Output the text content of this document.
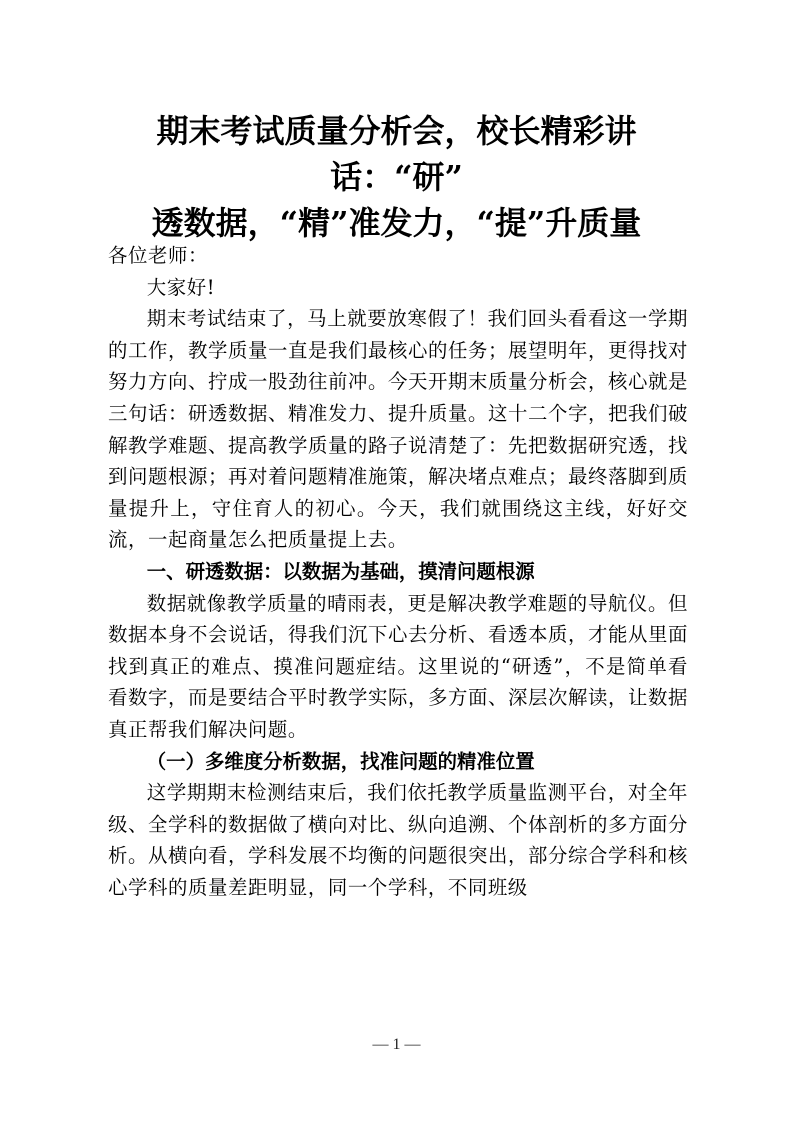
期末考试质量分析会，校长精彩讲话：“研”
透数据，“精”准发力，“提”升质量

各位老师：

大家好!

期末考试结束了，马上就要放寒假了！我们回头看看这一学期的工作，教学质量一直是我们最核心的任务；展望明年，更得找对努力方向、拧成一股劲往前冲。今天开期末质量分析会，核心就是三句话：研透数据、精准发力、提升质量。这十二个字，把我们破解教学难题、提高教学质量的路子说清楚了：先把数据研究透，找到问题根源；再对着问题精准施策，解决堵点难点；最终落脚到质量提升上，守住育人的初心。今天，我们就围绕这主线，好好交流，一起商量怎么把质量提上去。

一、研透数据：以数据为基础，摸清问题根源

数据就像教学质量的晴雨表，更是解决教学难题的导航仪。但数据本身不会说话，得我们沉下心去分析、看透本质，才能从里面找到真正的难点、摸准问题症结。这里说的“研透”，不是简单看看数字，而是要结合平时教学实际，多方面、深层次解读，让数据真正帮我们解决问题。

（一）多维度分析数据，找准问题的精准位置

这学期期末检测结束后，我们依托教学质量监测平台，对全年级、全学科的数据做了横向对比、纵向追溯、个体剖析的多方面分析。从横向看，学科发展不均衡的问题很突出，部分综合学科和核心学科的质量差距明显，同一个学科，不同班级

— 1 —
